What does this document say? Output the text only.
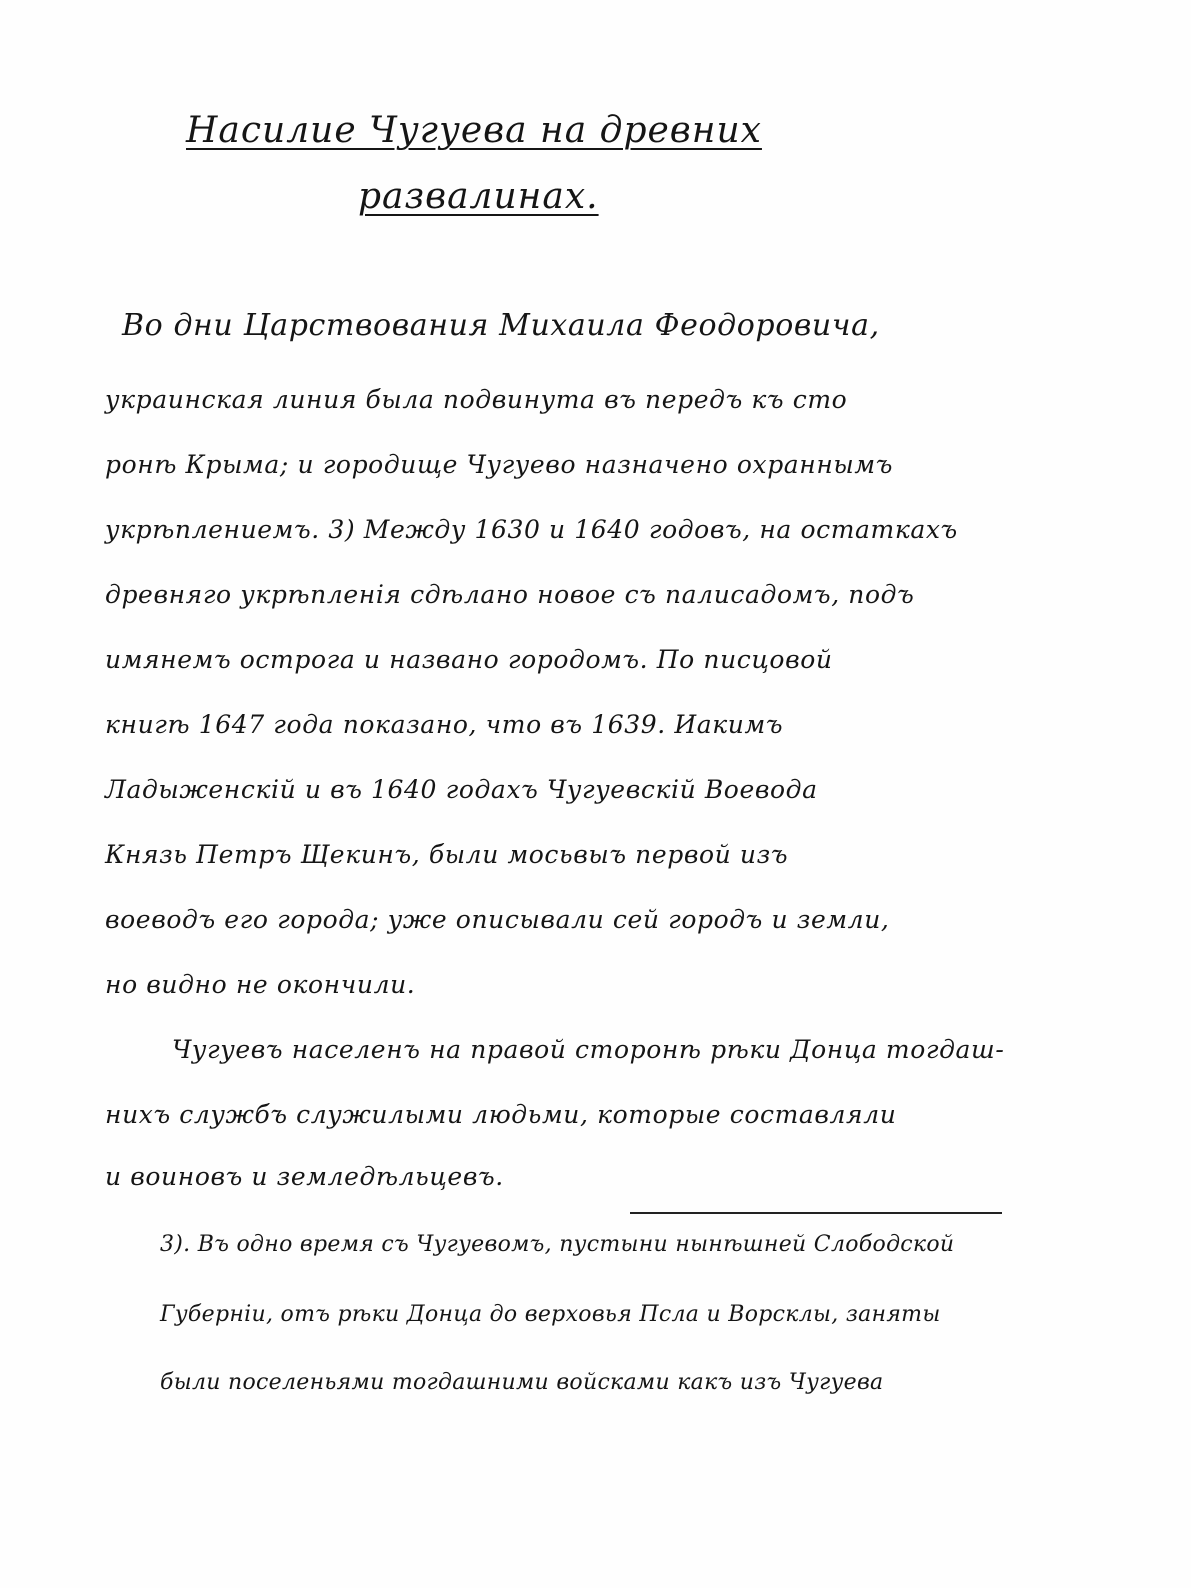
Насилие Чугуева на древних
развалинах.
Во дни Царствования Михаила Феодоровича,
украинская линия была подвинута въ передъ къ сто
ронѣ Крыма; и городище Чугуево назначено охраннымъ
укрѣплениемъ. 3) Между 1630 и 1640 годовъ, на остаткахъ
древняго укрѣпленія сдѣлано новое съ палисадомъ, подъ
имянемъ острога и названо городомъ. По писцовой
книгѣ 1647 года показано, что въ 1639. Иакимъ
Ладыженскій и въ 1640 годахъ Чугуевскій Воевода
Князь Петръ Щекинъ, были мосьвыъ первой изъ
воеводъ его города; уже описывали сей городъ и земли,
но видно не окончили.
Чугуевъ населенъ на правой сторонѣ рѣки Донца тогдаш-
нихъ службъ служилыми людьми, которые составляли
и воиновъ и земледѣльцевъ.
3). Въ одно время съ Чугуевомъ, пустыни нынѣшней Слободской
Губерніи, отъ рѣки Донца до верховья Псла и Ворсклы, заняты
были поселеньями тогдашними войсками какъ изъ Чугуева
